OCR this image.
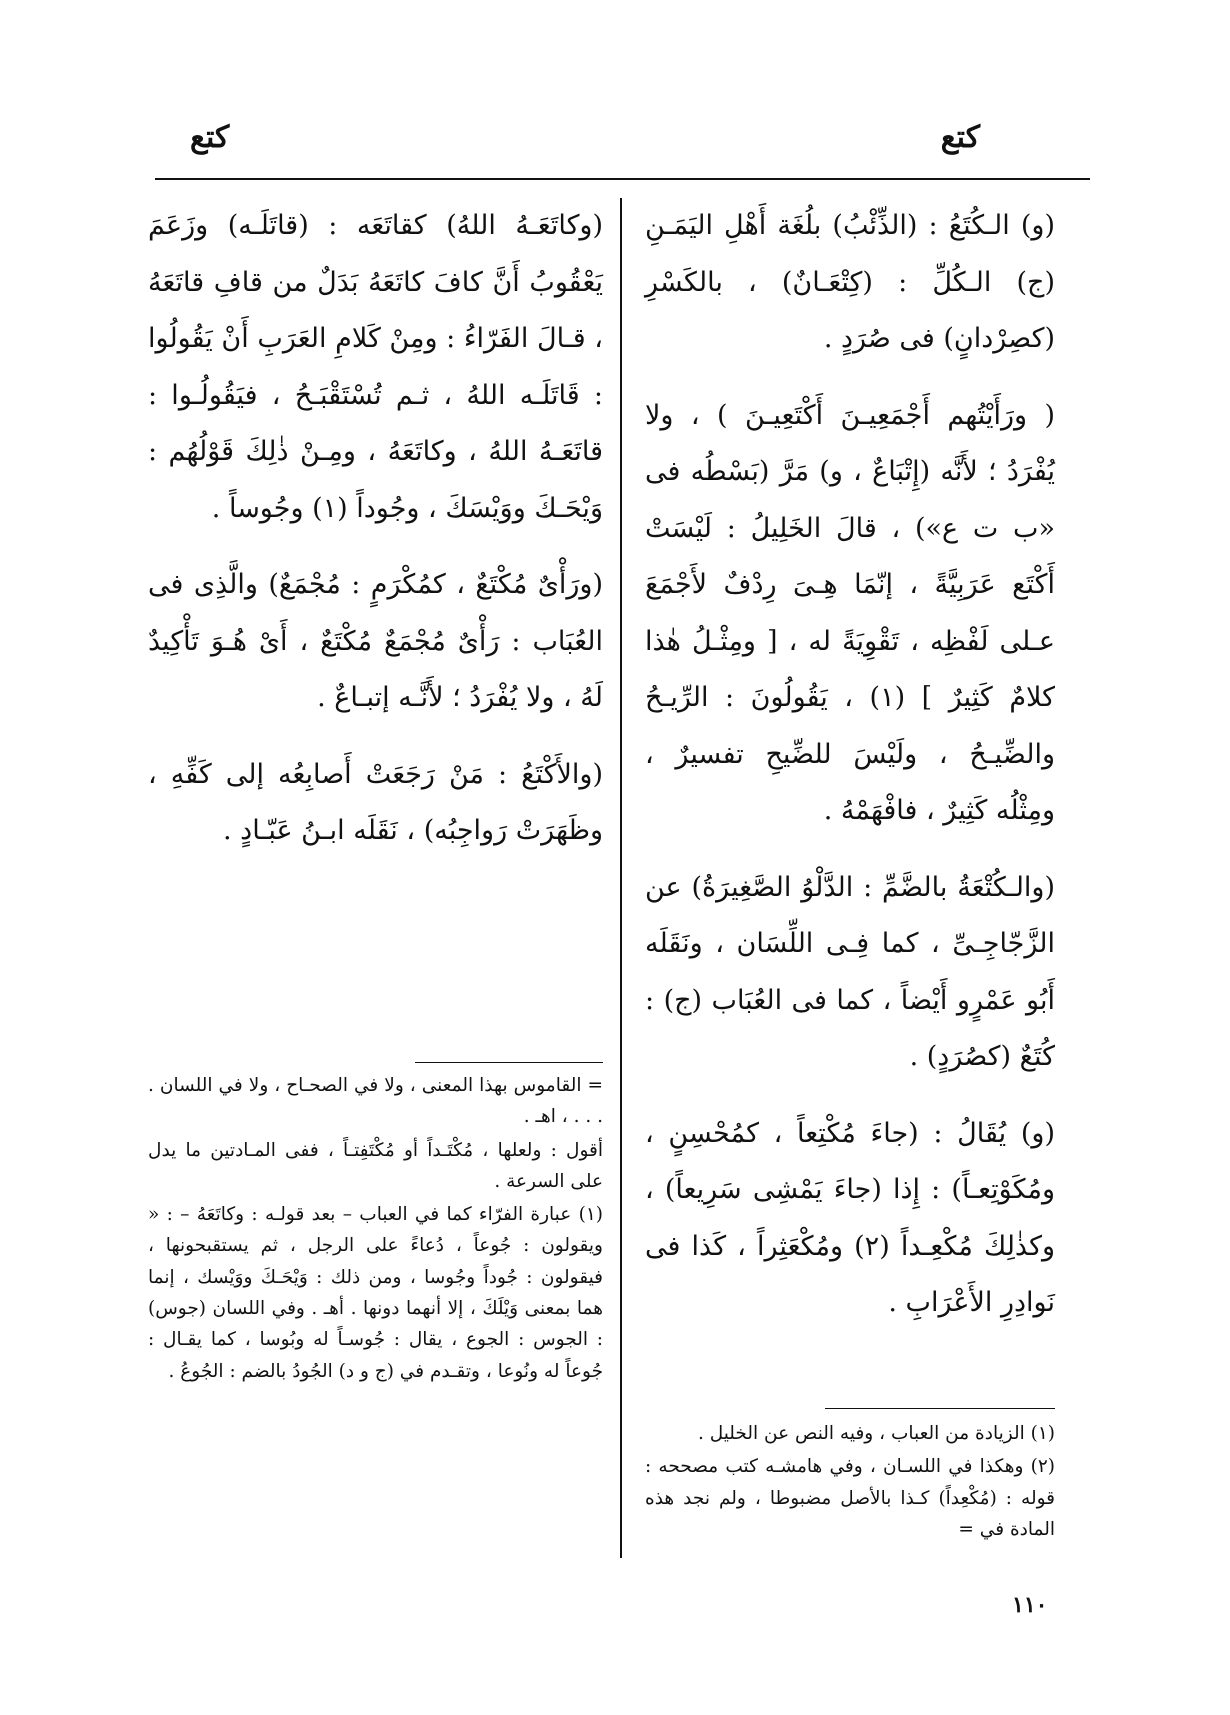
كتع
كتع

(و) الـكُتَعُ : (الذِّئْبُ) بلُغَة أَهْلِ اليَمَـنِ (ج) الـكُلِّ : (كِتْعَـانٌ) ، بالكَسْرِ (كصِرْدانٍ) فى صُرَدٍ .

( ورَأَيْتُهم أَجْمَعِيـنَ أَكْتَعِيـنَ ) ، ولا يُفْرَدُ ؛ لأَنَّه (إِتْبَاعٌ ، و) مَرَّ (بَسْطُه فى «ب ت ع») ، قالَ الخَلِيلُ : لَيْسَتْ أَكْتَع عَرَبِيَّةً ، إنّمَا هِـىَ رِدْفٌ لأَجْمَعَ عـلى لَفْظِه ، تَقْوِيَةً له ، [ ومِثْـلُ هٰذا كلامٌ كَثِيرٌ ] (١) ، يَقُولُونَ : الرِّيـحُ والضِّيـحُ ، ولَيْسَ للضِّيحِ تفسيرٌ ، ومِثْلُه كَثِيرٌ ، فافْهَمْهُ .

(والـكُتْعَةُ بالضَّمِّ : الدَّلْوُ الصَّغِيرَةُ) عن الزَّجّاجِـىِّ ، كما فِـى اللِّسَان ، ونَقَلَه أَبُو عَمْرٍو أَيْضاً ، كما فى العُبَاب (ج) : كُتَعٌ (كصُرَدٍ) .

(و) يُقَالُ : (جاءَ مُكْتِعاً ، كمُحْسِنٍ ، ومُكَوْتِعـاً) : إِذا (جاءَ يَمْشِى سَرِيعاً) ، وكذٰلِكَ مُكْعِـداً (٢) ومُكْعَثِراً ، كَذا فى نَوادِرِ الأَعْرَابِ .

(وكاتَعَـهُ اللهُ) كقاتَعَه : (قاتَلَـه) وزَعَمَ يَعْقُوبُ أَنَّ كافَ كاتَعَهُ بَدَلٌ من قافِ قاتَعَهُ ، قـالَ الفَرّاءُ : ومِنْ كَلامِ العَرَبِ أَنْ يَقُولُوا : قَاتَلَـه اللهُ ، ثـم تُسْتَقْبَـحُ ، فيَقُولُـوا : قاتَعَـهُ اللهُ ، وكاتَعَهُ ، ومِـنْ ذٰلِكَ قَوْلُهُم : وَيْحَـكَ ووَيْسَكَ ، وجُوداً (١) وجُوساً .

(ورَأْىٌ مُكْتَعٌ ، كمُكْرَمٍ : مُجْمَعٌ) والَّذِى فى العُبَاب : رَأْىٌ مُجْمَعٌ مُكْتَعٌ ، أَىْ هُـوَ تَأْكِيدٌ لَهُ ، ولا يُفْرَدُ ؛ لأَنَّـه إتبـاعٌ .

(والأَكْتَعُ : مَنْ رَجَعَتْ أَصابِعُه إلى كَفِّهِ ، وظَهَرَتْ رَواجِبُه) ، نَقَلَه ابـنُ عَبّـادٍ .

= القاموس بهذا المعنى ، ولا في الصحـاح ، ولا في اللسان . . . . ، اهـ .

أقول : ولعلها ، مُكْتَـداً أو مُكْتَفِتـاً ، ففى المـادتين ما يدل على السرعة .

(١) عبارة الفرّاء كما في العباب – بعد قولـه : وكاتَعَهُ – : « ويقولون : جُوعاً ، دُعاءً على الرجل ، ثم يستقبحونها ، فيقولون : جُوداً وجُوسا ، ومن ذلك : وَيْحَـكَ ووَيْسك ، إنما هما بمعنى وَيْلَكَ ، إلا أنهما دونها . أهـ . وفي اللسان (جوس) : الجوس : الجوع ، يقال : جُوسـاً له وبُوسا ، كما يقـال : جُوعاً له ونُوعا ، وتقـدم في (ج و د) الجُودُ بالضم : الجُوعُ .

(١) الزيادة من العباب ، وفيه النص عن الخليل .

(٢) وهكذا في اللسـان ، وفي هامشـه كتب مصححه : قوله : (مُكْعِداً) كـذا بالأصل مضبوطا ، ولم نجد هذه المادة في =

١١٠
